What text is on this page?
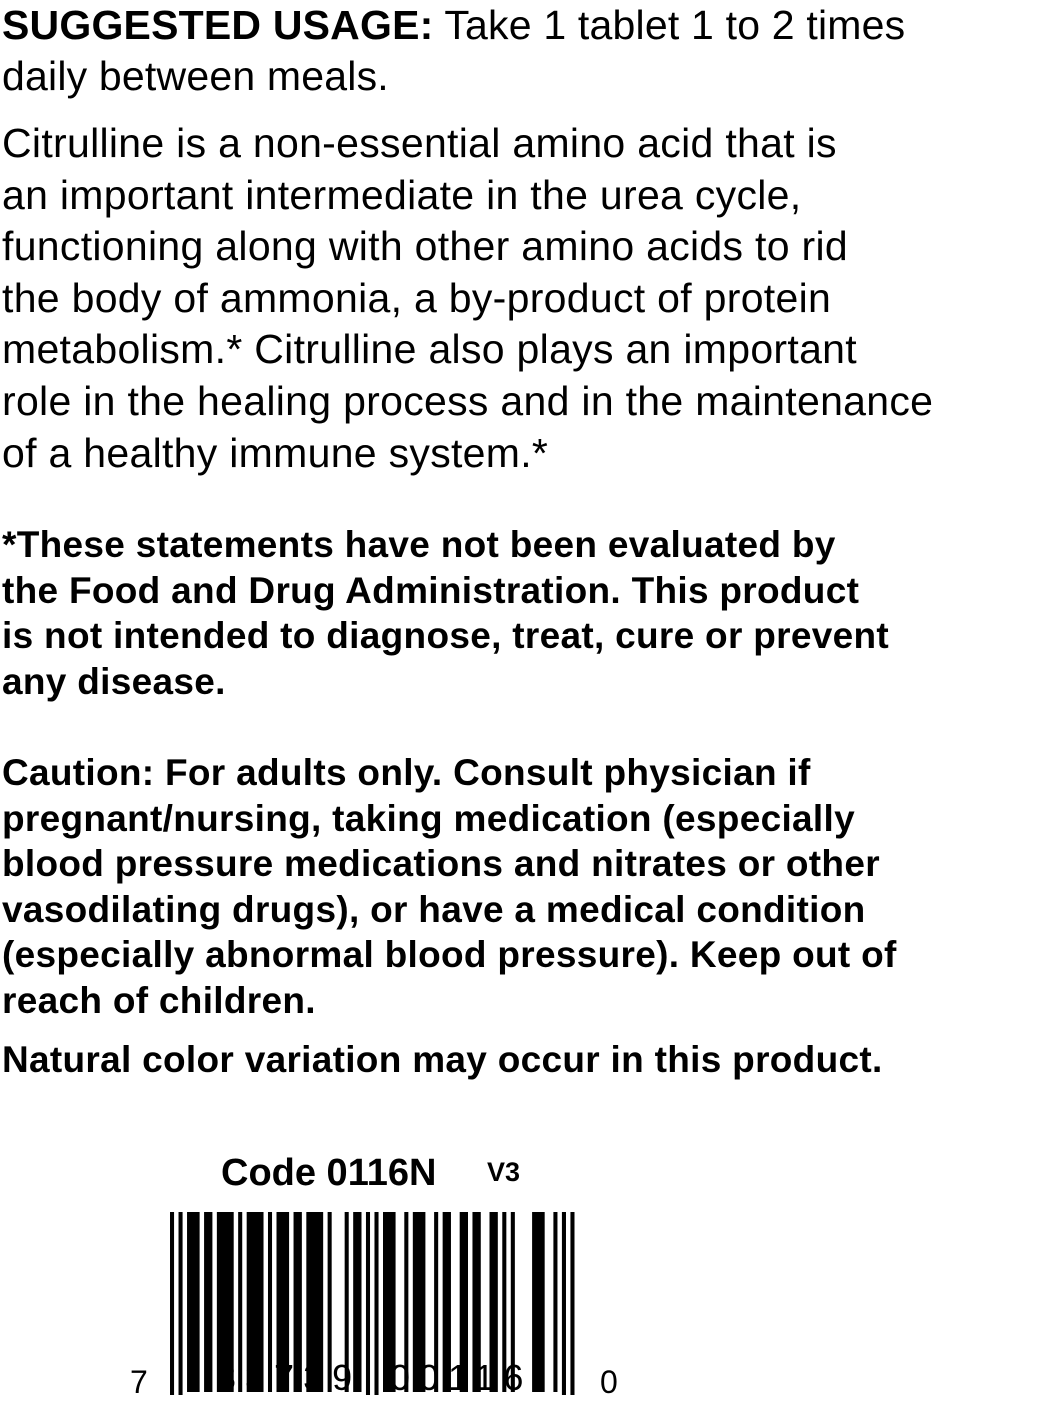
SUGGESTED USAGE: Take 1 tablet 1 to 2 times
daily between meals.
Citrulline is a non-essential amino acid that is
an important intermediate in the urea cycle,
functioning along with other amino acids to rid
the body of ammonia, a by-product of protein
metabolism.* Citrulline also plays an important
role in the healing process and in the maintenance
of a healthy immune system.*
*These statements have not been evaluated by
the Food and Drug Administration. This product
is not intended to diagnose, treat, cure or prevent
any disease.
Caution: For adults only. Consult physician if
pregnant/nursing, taking medication (especially
blood pressure medications and nitrates or other
vasodilating drugs), or have a medical condition
(especially abnormal blood pressure). Keep out of
reach of children.
Natural color variation may occur in this product.
Code 0116N V3
7 33739 00116 0
